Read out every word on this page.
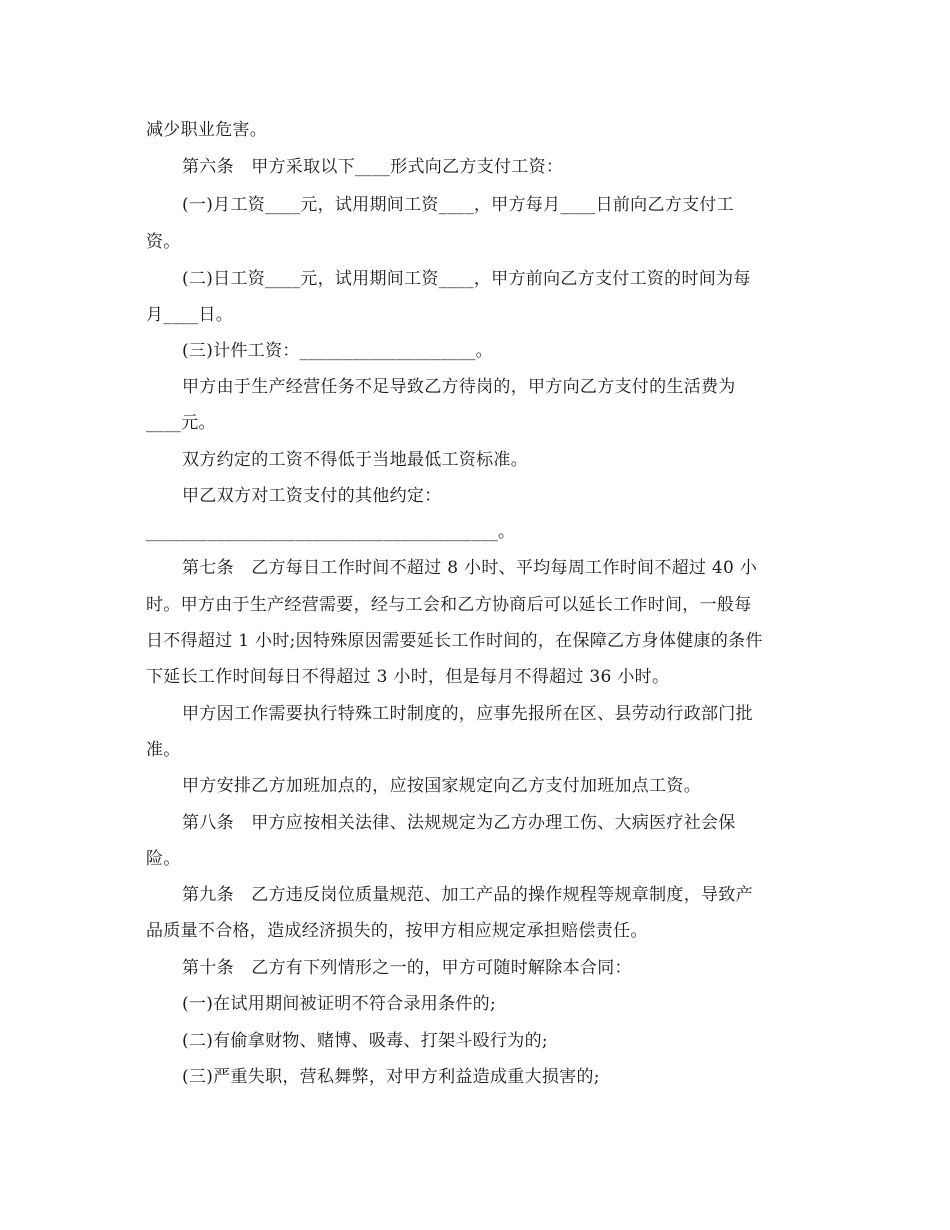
减少职业危害。
第六条　甲方采取以下____形式向乙方支付工资：
(一)月工资____元，试用期间工资____，甲方每月____日前向乙方支付工
资。
(二)日工资____元，试用期间工资____，甲方前向乙方支付工资的时间为每
月____日。
(三)计件工资：____________________。
甲方由于生产经营任务不足导致乙方待岗的，甲方向乙方支付的生活费为
____元。
双方约定的工资不得低于当地最低工资标准。
甲乙双方对工资支付的其他约定：
________________________________________。
第七条　乙方每日工作时间不超过 8 小时、平均每周工作时间不超过 40 小
时。甲方由于生产经营需要，经与工会和乙方协商后可以延长工作时间，一般每
日不得超过 1 小时;因特殊原因需要延长工作时间的，在保障乙方身体健康的条件
下延长工作时间每日不得超过 3 小时，但是每月不得超过 36 小时。
甲方因工作需要执行特殊工时制度的，应事先报所在区、县劳动行政部门批
准。
甲方安排乙方加班加点的，应按国家规定向乙方支付加班加点工资。
第八条　甲方应按相关法律、法规规定为乙方办理工伤、大病医疗社会保
险。
第九条　乙方违反岗位质量规范、加工产品的操作规程等规章制度，导致产
品质量不合格，造成经济损失的，按甲方相应规定承担赔偿责任。
第十条　乙方有下列情形之一的，甲方可随时解除本合同：
(一)在试用期间被证明不符合录用条件的;
(二)有偷拿财物、赌博、吸毒、打架斗殴行为的;
(三)严重失职，营私舞弊，对甲方利益造成重大损害的;
